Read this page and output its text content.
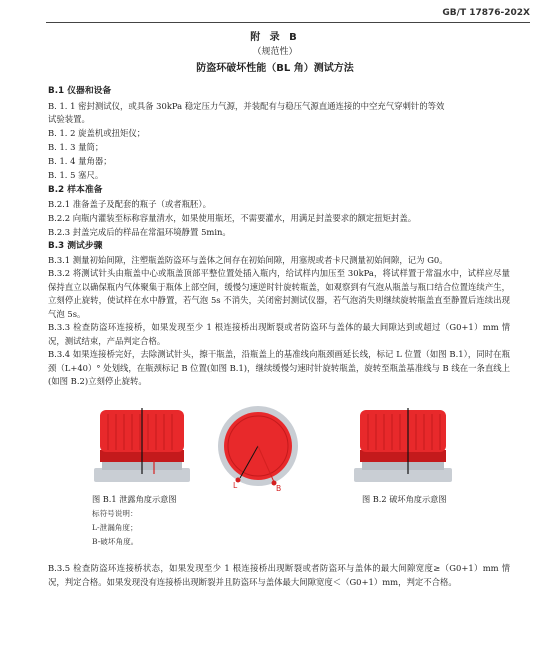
GB/T 17876-202X
附 录 B
（规范性）
防盗环破坏性能（BL 角）测试方法
B.1 仪器和设备
B. 1. 1 密封测试仪，或具备 30kPa 稳定压力气源，并装配有与稳压气源直通连接的中空充气穿刺针的等效
试验装置。
B. 1. 2 旋盖机或扭矩仪；
B. 1. 3 量筒；
B. 1. 4 量角器；
B. 1. 5 塞尺。
B.2 样本准备
B.2.1 准备盖子及配套的瓶子（或者瓶胚）。
B.2.2 向瓶内灌装至标称容量清水，如果使用瓶坯，不需要灌水，用满足封盖要求的额定扭矩封盖。
B.2.3 封盖完成后的样品在常温环境静置 5min。
B.3 测试步骤
B.3.1 测量初始间隙，注塑瓶盖防盗环与盖体之间存在初始间隙，用塞规或者卡尺测量初始间隙，记为 G0。
B.3.2 将测试针头由瓶盖中心或瓶盖顶部平整位置处插入瓶内，给试样内加压至 30kPa，将试样置于常温水中，试样应尽量保持直立以确保瓶内气体聚集于瓶体上部空间，缓慢匀速逆时针旋转瓶盖，如观察到有气泡从瓶盖与瓶口结合位置连续产生，立刻停止旋转，使试样在水中静置，若气泡 5s 不消失，关闭密封测试仪器，若气泡消失则继续旋转瓶盖直至静置后连续出现气泡 5s。
B.3.3 检查防盗环连接桥，如果发现至少 1 根连接桥出现断裂或者防盗环与盖体的最大间隙达到或超过（G0+1）mm 情况，测试结束，产品判定合格。
B.3.4 如果连接桥完好，去除测试针头，擦干瓶盖，沿瓶盖上的基准线向瓶颈画延长线，标记 L 位置（如图 B.1），同时在瓶颈（L+40）° 处划线，在瓶颈标记 B 位置(如图 B.1)，继续缓慢匀速时针旋转瓶盖，旋转至瓶盖基准线与 B 线在一条直线上(如图 B.2)立刻停止旋转。
L	B
图 B.1 泄露角度示意图	图 B.2 破坏角度示意图
标符号说明：
L-泄漏角度；
B-破坏角度。
B.3.5 检查防盗环连接桥状态，如果发现至少 1 根连接桥出现断裂或者防盗环与盖体的最大间隙宽度≥（G0+1）mm 情况，判定合格。如果发现没有连接桥出现断裂并且防盗环与盖体最大间隙宽度＜（G0+1）mm，判定不合格。
